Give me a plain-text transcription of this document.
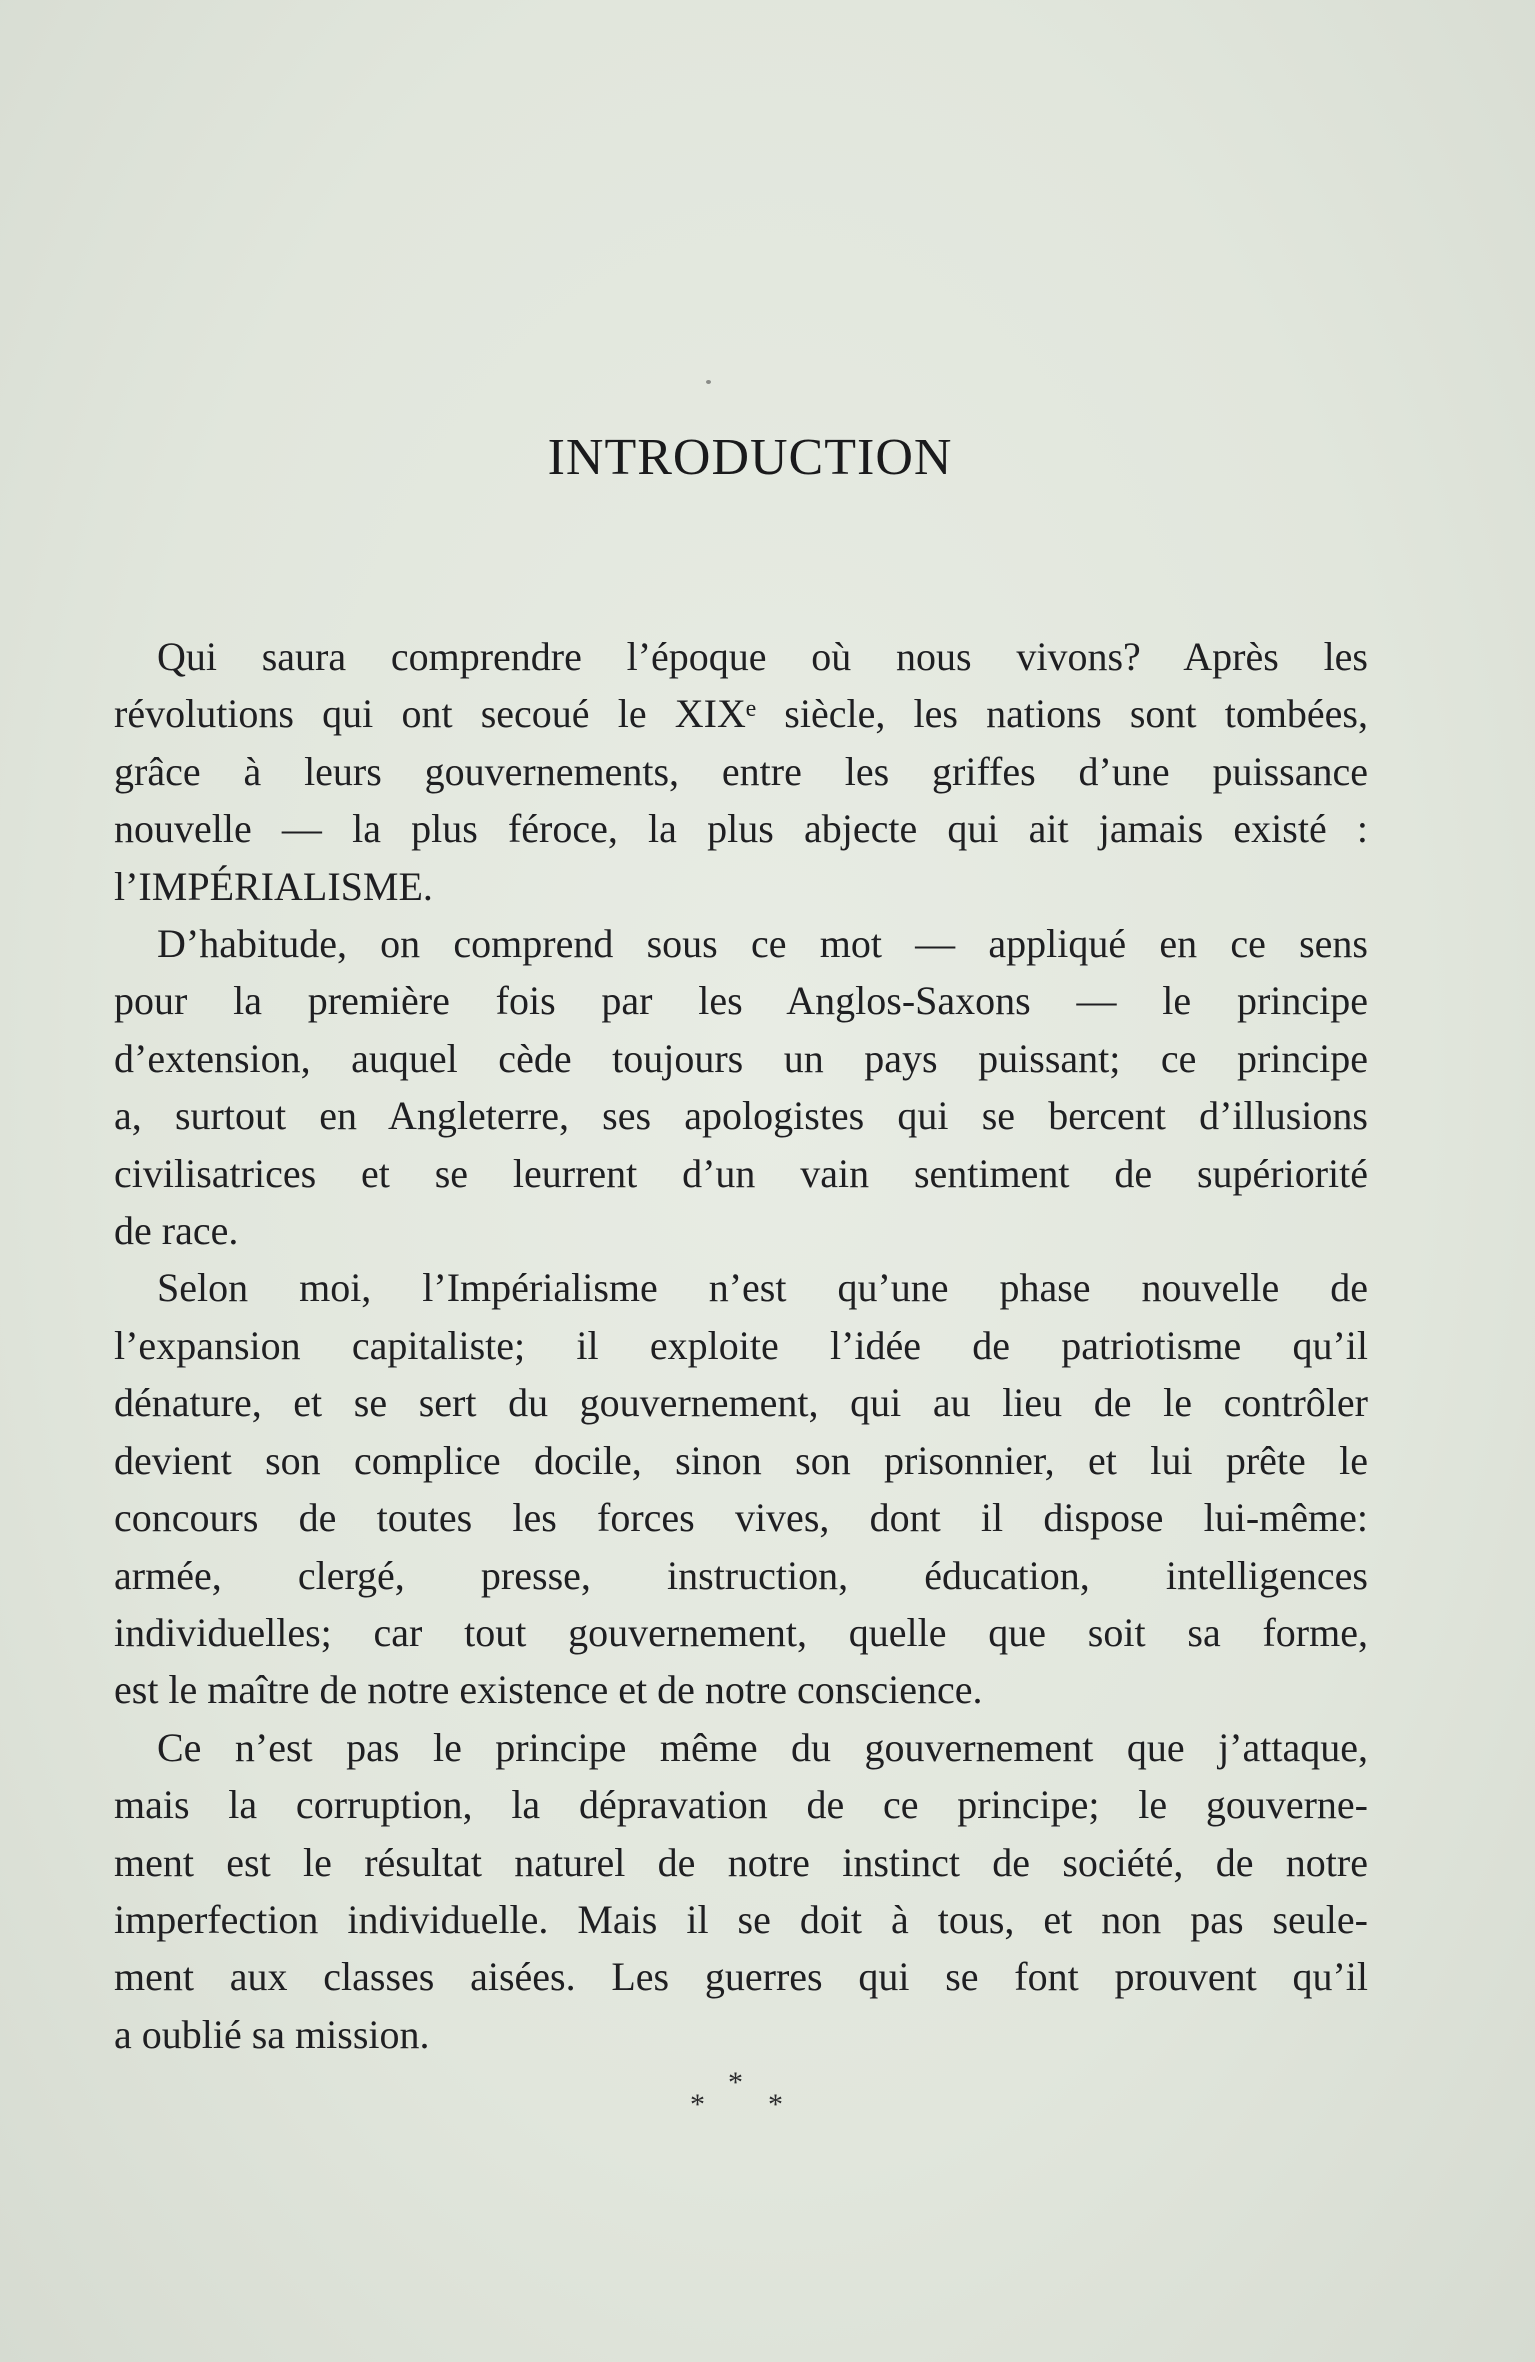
INTRODUCTION

Qui saura comprendre l’époque où nous vivons? Après les
révolutions qui ont secoué le XIXᵉ siècle, les nations sont tombées,
grâce à leurs gouvernements, entre les griffes d’une puissance
nouvelle — la plus féroce, la plus abjecte qui ait jamais existé :
l’IMPÉRIALISME.

D’habitude, on comprend sous ce mot — appliqué en ce sens
pour la première fois par les Anglos-Saxons — le principe
d’extension, auquel cède toujours un pays puissant; ce principe
a, surtout en Angleterre, ses apologistes qui se bercent d’illusions
civilisatrices et se leurrent d’un vain sentiment de supériorité
de race.

Selon moi, l’Impérialisme n’est qu’une phase nouvelle de
l’expansion capitaliste; il exploite l’idée de patriotisme qu’il
dénature, et se sert du gouvernement, qui au lieu de le contrôler
devient son complice docile, sinon son prisonnier, et lui prête le
concours de toutes les forces vives, dont il dispose lui-même:
armée, clergé, presse, instruction, éducation, intelligences
individuelles; car tout gouvernement, quelle que soit sa forme,
est le maître de notre existence et de notre conscience.

Ce n’est pas le principe même du gouvernement que j’attaque,
mais la corruption, la dépravation de ce principe; le gouverne-
ment est le résultat naturel de notre instinct de société, de notre
imperfection individuelle. Mais il se doit à tous, et non pas seule-
ment aux classes aisées. Les guerres qui se font prouvent qu’il
a oublié sa mission.

*
* *
